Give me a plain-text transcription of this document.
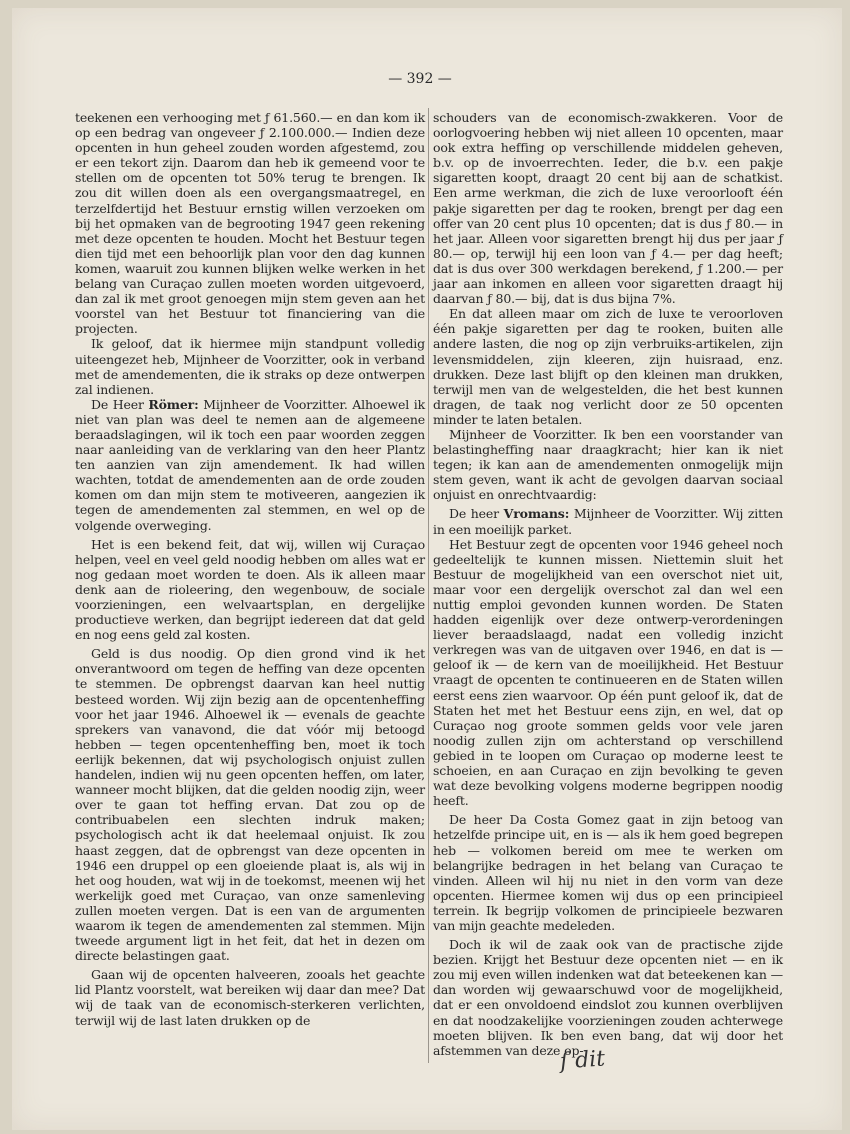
— 392 —

teekenen een verhooging met ƒ 61.560.— en dan kom ik op een bedrag van ongeveer ƒ 2.100.000.— Indien deze opcenten in hun geheel zouden worden afgestemd, zou er een tekort zijn. Daarom dan heb ik gemeend voor te stellen om de opcenten tot 50% terug te brengen. Ik zou dit willen doen als een overgangsmaatregel, en terzelfdertijd het Bestuur ernstig willen verzoeken om bij het opmaken van de begrooting 1947 geen rekening met deze opcenten te houden. Mocht het Bestuur tegen dien tijd met een behoorlijk plan voor den dag kunnen komen, waaruit zou kunnen blijken welke werken in het belang van Curaçao zullen moeten worden uitgevoerd, dan zal ik met groot genoegen mijn stem geven aan het voorstel van het Bestuur tot financiering van die projecten.

Ik geloof, dat ik hiermee mijn standpunt volledig uiteengezet heb, Mijnheer de Voorzitter, ook in verband met de amendementen, die ik straks op deze ontwerpen zal indienen.

De Heer Römer: Mijnheer de Voorzitter. Alhoewel ik niet van plan was deel te nemen aan de algemeene beraadslagingen, wil ik toch een paar woorden zeggen naar aanleiding van de verklaring van den heer Plantz ten aanzien van zijn amendement. Ik had willen wachten, totdat de amendementen aan de orde zouden komen om dan mijn stem te motiveeren, aangezien ik tegen de amendementen zal stemmen, en wel op de volgende overweging.

Het is een bekend feit, dat wij, willen wij Curaçao helpen, veel en veel geld noodig hebben om alles wat er nog gedaan moet worden te doen. Als ik alleen maar denk aan de rioleering, den wegenbouw, de sociale voorzieningen, een welvaartsplan, en dergelijke productieve werken, dan begrijpt iedereen dat dat geld en nog eens geld zal kosten.

Geld is dus noodig. Op dien grond vind ik het onverantwoord om tegen de heffing van deze opcenten te stemmen. De opbrengst daarvan kan heel nuttig besteed worden. Wij zijn bezig aan de opcentenheffing voor het jaar 1946. Alhoewel ik — evenals de geachte sprekers van vanavond, die dat vóór mij betoogd hebben — tegen opcentenheffing ben, moet ik toch eerlijk bekennen, dat wij psychologisch onjuist zullen handelen, indien wij nu geen opcenten heffen, om later, wanneer mocht blijken, dat die gelden noodig zijn, weer over te gaan tot heffing ervan. Dat zou op de contribuabelen een slechten indruk maken; psychologisch acht ik dat heelemaal onjuist. Ik zou haast zeggen, dat de opbrengst van deze opcenten in 1946 een druppel op een gloeiende plaat is, als wij in het oog houden, wat wij in de toekomst, meenen wij het werkelijk goed met Curaçao, van onze samenleving zullen moeten vergen. Dat is een van de argumenten waarom ik tegen de amendementen zal stemmen. Mijn tweede argument ligt in het feit, dat het in dezen om directe belastingen gaat.

Gaan wij de opcenten halveeren, zooals het geachte lid Plantz voorstelt, wat bereiken wij daar dan mee? Dat wij de taak van de economisch-sterkeren verlichten, terwijl wij de last laten drukken op de

schouders van de economisch-zwakkeren. Voor de oorlogvoering hebben wij niet alleen 10 opcenten, maar ook extra heffing op verschillende middelen geheven, b.v. op de invoerrechten. Ieder, die b.v. een pakje sigaretten koopt, draagt 20 cent bij aan de schatkist. Een arme werkman, die zich de luxe veroorlooft één pakje sigaretten per dag te rooken, brengt per dag een offer van 20 cent plus 10 opcenten; dat is dus ƒ 80.— in het jaar. Alleen voor sigaretten brengt hij dus per jaar ƒ 80.— op, terwijl hij een loon van ƒ 4.— per dag heeft; dat is dus over 300 werkdagen berekend, ƒ 1.200.— per jaar aan inkomen en alleen voor sigaretten draagt hij daarvan ƒ 80.— bij, dat is dus bijna 7%.

En dat alleen maar om zich de luxe te veroorloven één pakje sigaretten per dag te rooken, buiten alle andere lasten, die nog op zijn verbruiks-artikelen, zijn levensmiddelen, zijn kleeren, zijn huisraad, enz. drukken. Deze last blijft op den kleinen man drukken, terwijl men van de welgestelden, die het best kunnen dragen, de taak nog verlicht door ze 50 opcenten minder te laten betalen.

Mijnheer de Voorzitter. Ik ben een voorstander van belastingheffing naar draagkracht; hier kan ik niet tegen; ik kan aan de amendementen onmogelijk mijn stem geven, want ik acht de gevolgen daarvan sociaal onjuist en onrechtvaardig:

De heer Vromans: Mijnheer de Voorzitter. Wij zitten in een moeilijk parket.

Het Bestuur zegt de opcenten voor 1946 geheel noch gedeeltelijk te kunnen missen. Niettemin sluit het Bestuur de mogelijkheid van een overschot niet uit, maar voor een dergelijk overschot zal dan wel een nuttig emploi gevonden kunnen worden. De Staten hadden eigenlijk over deze ontwerp-verordeningen liever beraadslaagd, nadat een volledig inzicht verkregen was van de uitgaven over 1946, en dat is — geloof ik — de kern van de moeilijkheid. Het Bestuur vraagt de opcenten te continueeren en de Staten willen eerst eens zien waarvoor. Op één punt geloof ik, dat de Staten het met het Bestuur eens zijn, en wel, dat op Curaçao nog groote sommen gelds voor vele jaren noodig zullen zijn om achterstand op verschillend gebied in te loopen om Curaçao op moderne leest te schoeien, en aan Curaçao en zijn bevolking te geven wat deze bevolking volgens moderne begrippen noodig heeft.

De heer Da Costa Gomez gaat in zijn betoog van hetzelfde principe uit, en is — als ik hem goed begrepen heb — volkomen bereid om mee te werken om belangrijke bedragen in het belang van Curaçao te vinden. Alleen wil hij nu niet in den vorm van deze opcenten. Hiermee komen wij dus op een principieel terrein. Ik begrijp volkomen de principieele bezwaren van mijn geachte medeleden.

Doch ik wil de zaak ook van de practische zijde bezien. Krijgt het Bestuur deze opcenten niet — en ik zou mij even willen indenken wat dat beteekenen kan — dan worden wij gewaarschuwd voor de mogelijkheid, dat er een onvoldoend eindslot zou kunnen overblijven en dat noodzakelijke voorzieningen zouden achterwege moeten blijven. Ik ben even bang, dat wij door het afstemmen van deze op-

ſ dit
